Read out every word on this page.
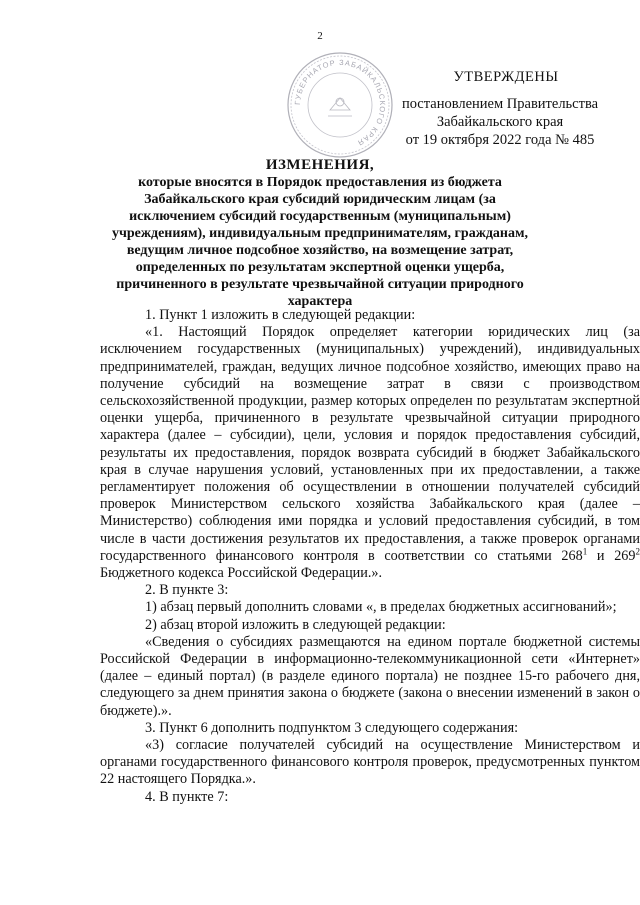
2
ГУБЕРНАТОР ЗАБАЙКАЛЬСКОГО КРАЯ
УТВЕРЖДЕНЫ
постановлением Правительства
Забайкальского края
от 19 октября 2022 года № 485
ИЗМЕНЕНИЯ,
которые вносятся в Порядок предоставления из бюджета Забайкальского края субсидий юридическим лицам (за исключением субсидий государственным (муниципальным) учреждениям), индивидуальным предпринимателям, гражданам, ведущим личное подсобное хозяйство, на возмещение затрат, определенных по результатам экспертной оценки ущерба, причиненного в результате чрезвычайной ситуации природного характера

1. Пункт 1 изложить в следующей редакции:

«1. Настоящий Порядок определяет категории юридических лиц (за исключением государственных (муниципальных) учреждений), индивидуальных предпринимателей, граждан, ведущих личное подсобное хозяйство, имеющих право на получение субсидий на возмещение затрат в связи с производством сельскохозяйственной продукции, размер которых определен по результатам экспертной оценки ущерба, причиненного в результате чрезвычайной ситуации природного характера (далее – субсидии), цели, условия и порядок предоставления субсидий, результаты их предоставления, порядок возврата субсидий в бюджет Забайкальского края в случае нарушения условий, установленных при их предоставлении, а также регламентирует положения об осуществлении в отношении получателей субсидий проверок Министерством сельского хозяйства Забайкальского края (далее – Министерство) соблюдения ими порядка и условий предоставления субсидий, в том числе в части достижения результатов их предоставления, а также проверок органами государственного финансового контроля в соответствии со статьями $268^1$ и $269^2$ Бюджетного кодекса Российской Федерации.».

2. В пункте 3:

1) абзац первый дополнить словами «, в пределах бюджетных ассигнований»;

2) абзац второй изложить в следующей редакции:

«Сведения о субсидиях размещаются на едином портале бюджетной системы Российской Федерации в информационно-телекоммуникационной сети «Интернет» (далее – единый портал) (в разделе единого портала) не позднее 15-го рабочего дня, следующего за днем принятия закона о бюджете (закона о внесении изменений в закон о бюджете).».

3. Пункт 6 дополнить подпунктом 3 следующего содержания:

«3) согласие получателей субсидий на осуществление Министерством и органами государственного финансового контроля проверок, предусмотренных пунктом 22 настоящего Порядка.».

4. В пункте 7:
